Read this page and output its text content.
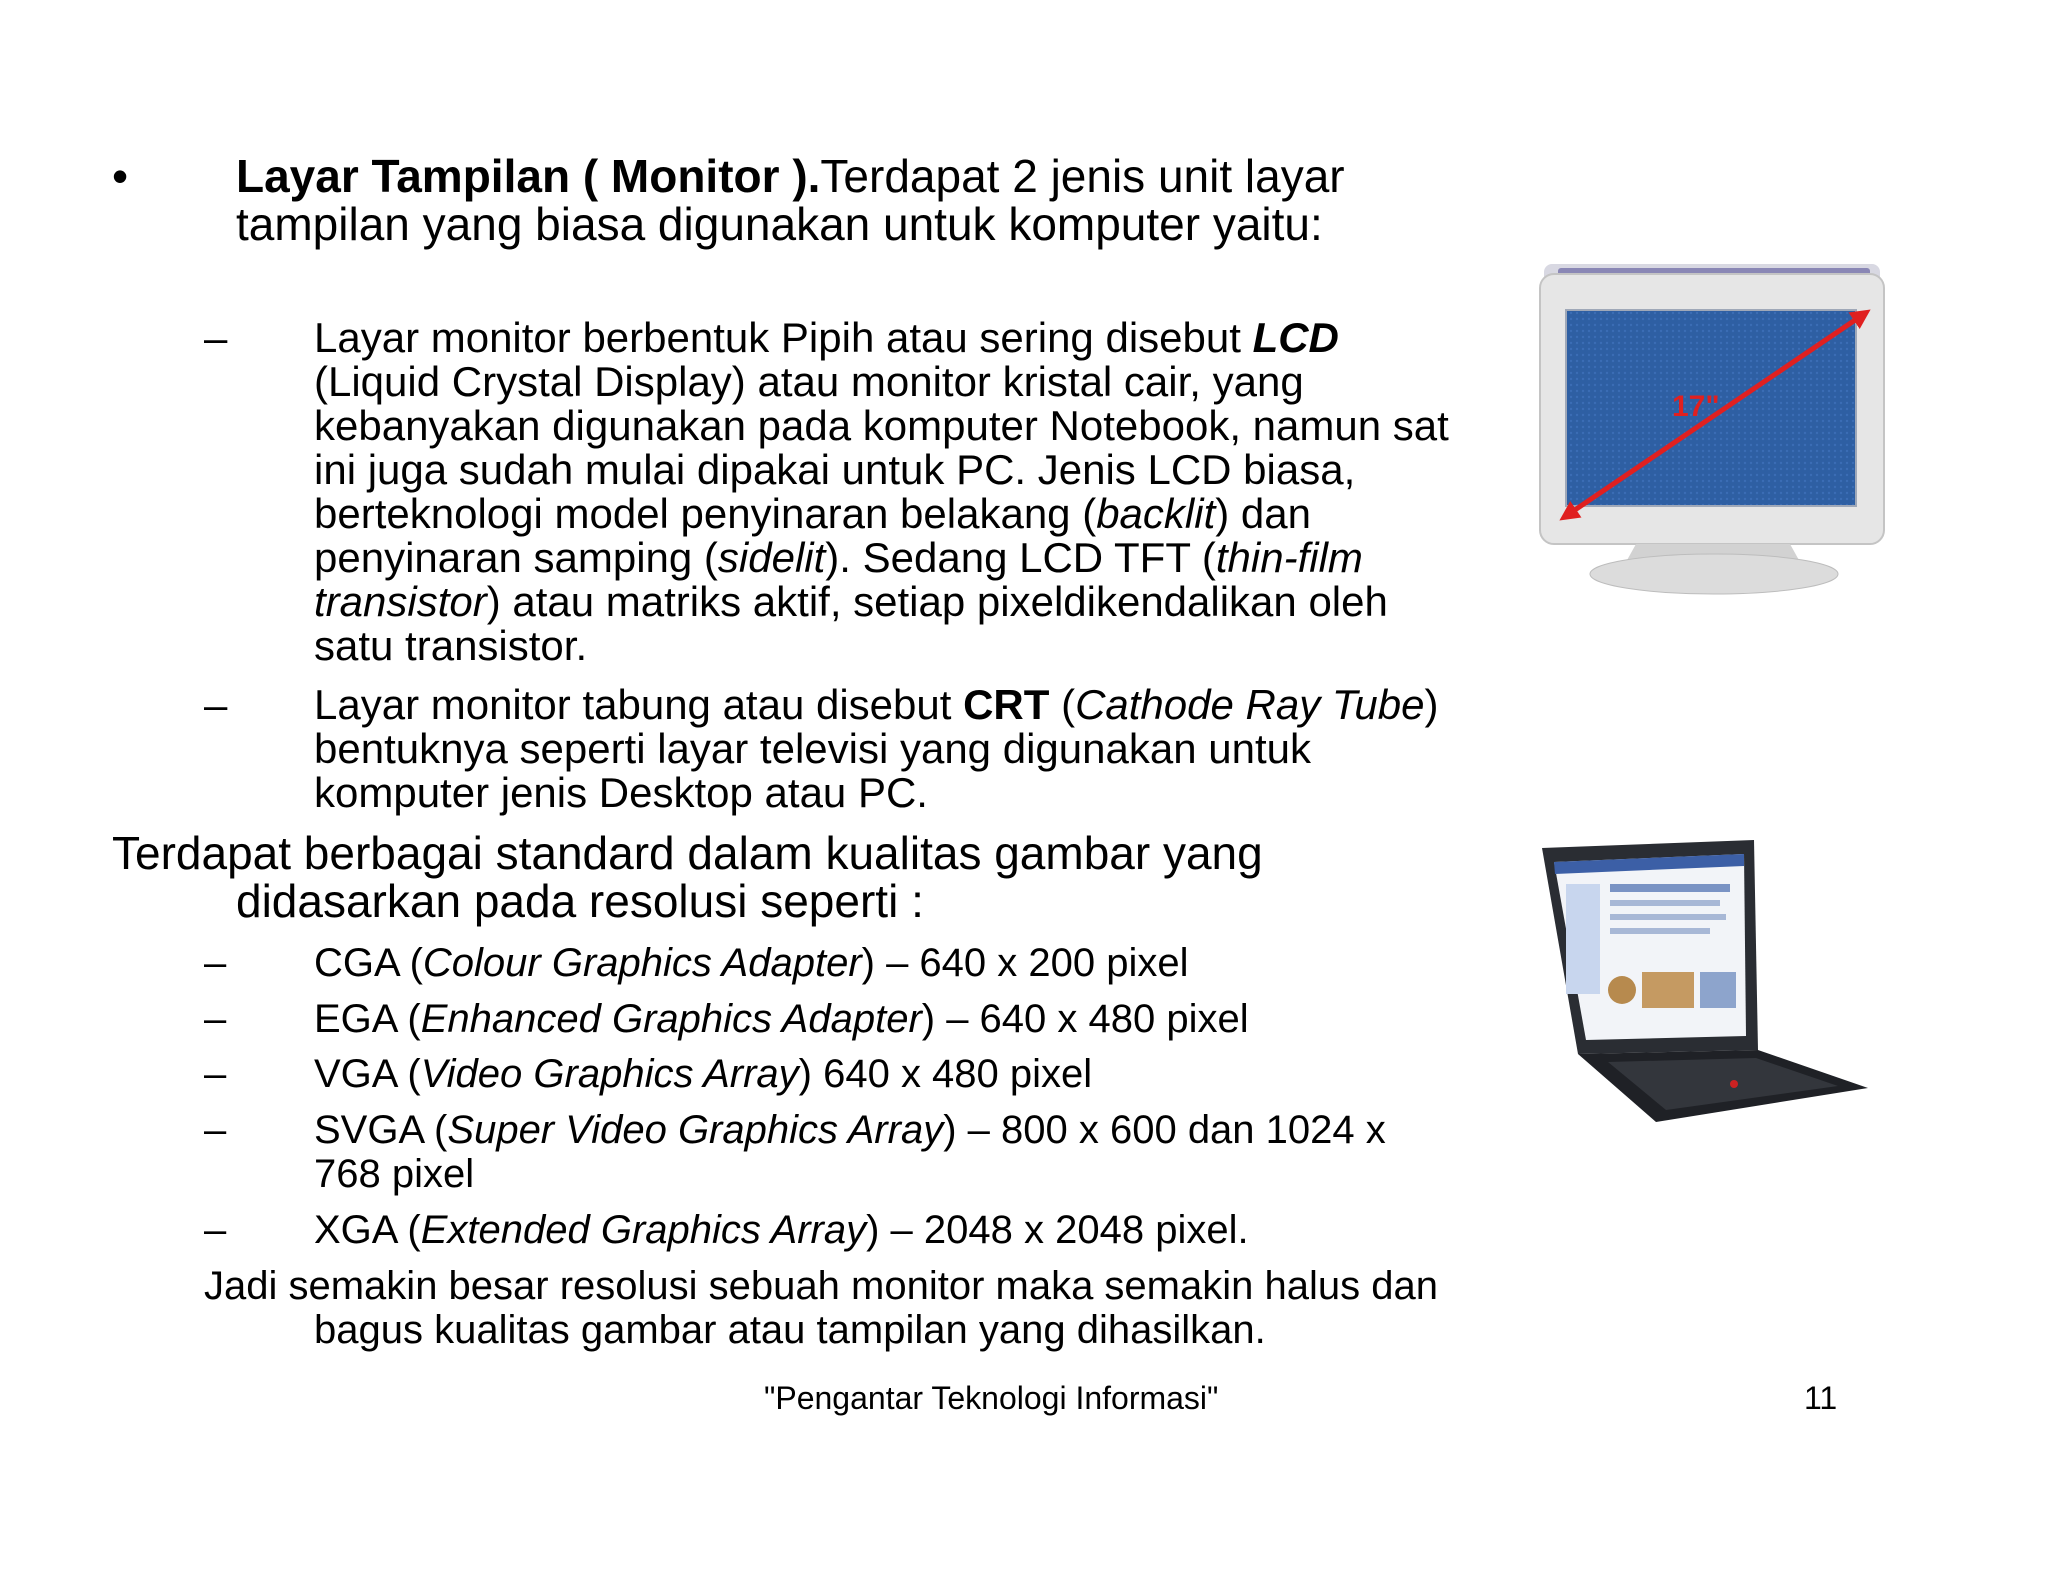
• Layar Tampilan ( Monitor ).Terdapat 2 jenis unit layar tampilan yang biasa digunakan untuk komputer yaitu:

– Layar monitor berbentuk Pipih atau sering disebut LCD (Liquid Crystal Display) atau monitor kristal cair, yang kebanyakan digunakan pada komputer Notebook, namun sat ini juga sudah mulai dipakai untuk PC. Jenis LCD biasa, berteknologi model penyinaran belakang (backlit) dan penyinaran samping (sidelit). Sedang LCD TFT (thin-film transistor) atau matriks aktif, setiap pixeldikendalikan oleh satu transistor.

– Layar monitor tabung atau disebut CRT (Cathode Ray Tube) bentuknya seperti layar televisi yang digunakan untuk komputer jenis Desktop atau PC.

Terdapat berbagai standard dalam kualitas gambar yang didasarkan pada resolusi seperti :

– CGA (Colour Graphics Adapter) – 640 x 200 pixel

– EGA (Enhanced Graphics Adapter) – 640 x 480 pixel

– VGA (Video Graphics Array) 640 x 480 pixel

– SVGA (Super Video Graphics Array) – 800 x 600 dan 1024 x 768 pixel

– XGA (Extended Graphics Array) – 2048 x 2048 pixel.

Jadi semakin besar resolusi sebuah monitor maka semakin halus dan bagus kualitas gambar atau tampilan yang dihasilkan.

"Pengantar Teknologi Informasi"	11
17"
